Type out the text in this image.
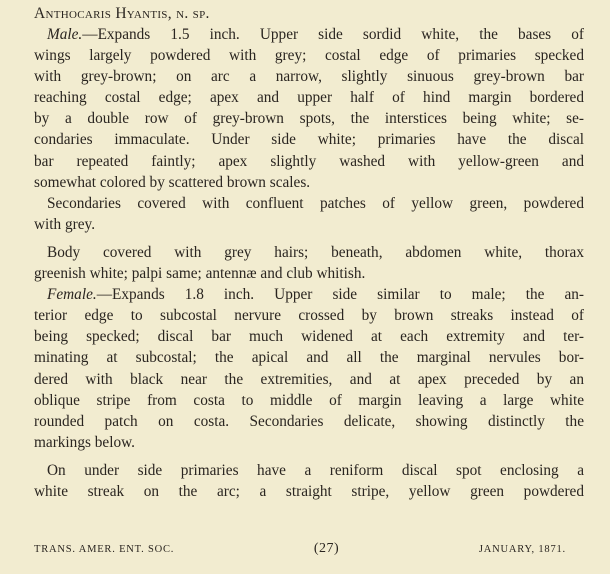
Anthocaris Hyantis, n. sp.

Male.—Expands 1.5 inch. Upper side sordid white, the bases of
wings largely powdered with grey; costal edge of primaries specked
with grey-brown; on arc a narrow, slightly sinuous grey-brown bar
reaching costal edge; apex and upper half of hind margin bordered
by a double row of grey-brown spots, the interstices being white; se-
condaries immaculate. Under side white; primaries have the discal
bar repeated faintly; apex slightly washed with yellow-green and
somewhat colored by scattered brown scales.
Secondaries covered with confluent patches of yellow green, powdered
with grey.
Body covered with grey hairs; beneath, abdomen white, thorax
greenish white; palpi same; antennæ and club whitish.
Female.—Expands 1.8 inch. Upper side similar to male; the an-
terior edge to subcostal nervure crossed by brown streaks instead of
being specked; discal bar much widened at each extremity and ter-
minating at subcostal; the apical and all the marginal nervules bor-
dered with black near the extremities, and at apex preceded by an
oblique stripe from costa to middle of margin leaving a large white
rounded patch on costa. Secondaries delicate, showing distinctly the
markings below.
On under side primaries have a reniform discal spot enclosing a
white streak on the arc; a straight stripe, yellow green powdered
TRANS. AMER. ENT. SOC.	(27)	JANUARY, 1871.
